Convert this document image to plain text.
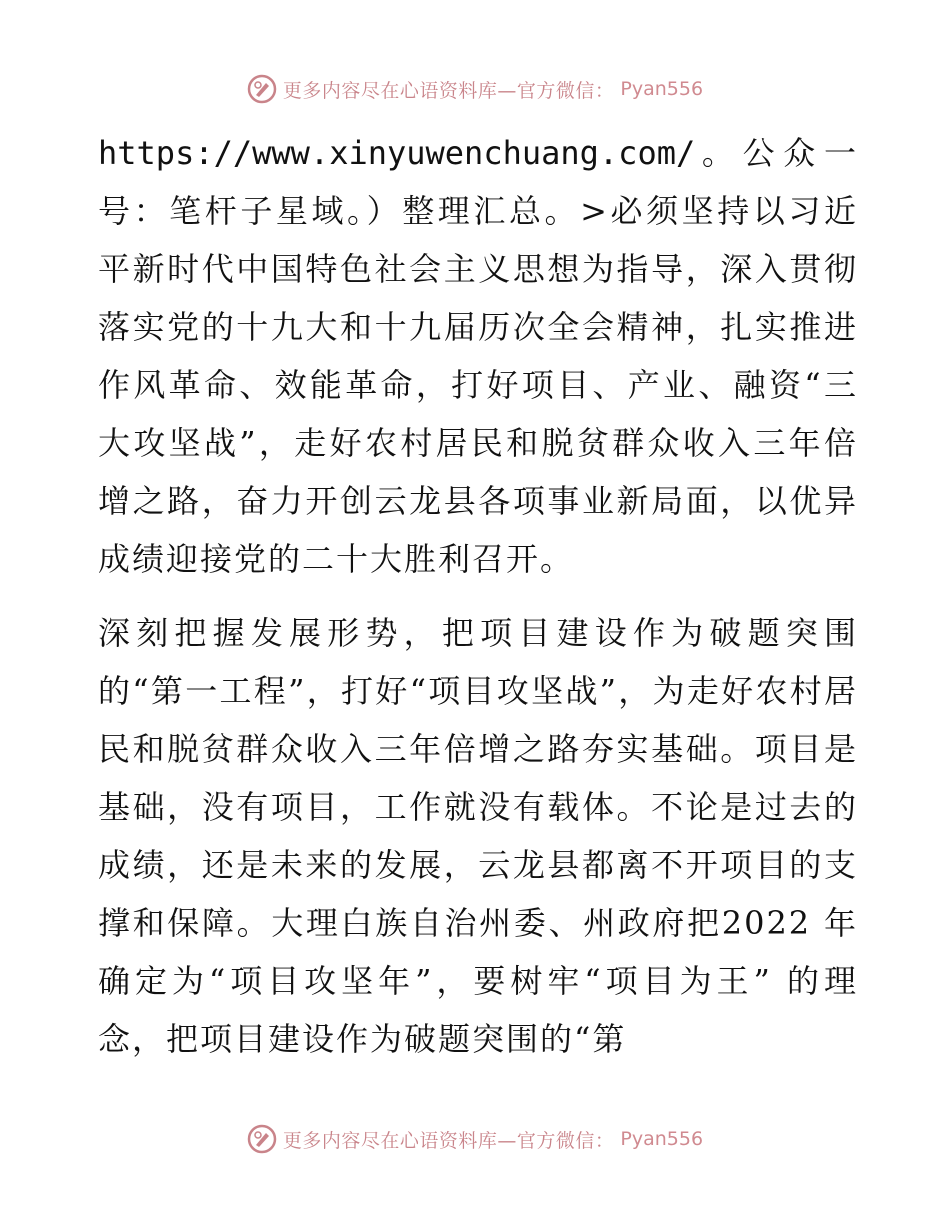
更多内容尽在心语资料库—官方微信： Pyan556

https://www.xinyuwenchuang.com/。公众一号：笔杆子星域。）整理汇总。>必须坚持以习近平新时代中国特色社会主义思想为指导，深入贯彻落实党的十九大和十九届历次全会精神，扎实推进作风革命、效能革命，打好项目、产业、融资“三大攻坚战”，走好农村居民和脱贫群众收入三年倍增之路，奋力开创云龙县各项事业新局面，以优异成绩迎接党的二十大胜利召开。

深刻把握发展形势，把项目建设作为破题突围的“第一工程”，打好“项目攻坚战”，为走好农村居民和脱贫群众收入三年倍增之路夯实基础。项目是基础，没有项目，工作就没有载体。不论是过去的成绩，还是未来的发展，云龙县都离不开项目的支撑和保障。大理白族自治州委、州政府把2022 年确定为“项目攻坚年”，要树牢“项目为王” 的理念，把项目建设作为破题突围的“第

更多内容尽在心语资料库—官方微信： Pyan556
